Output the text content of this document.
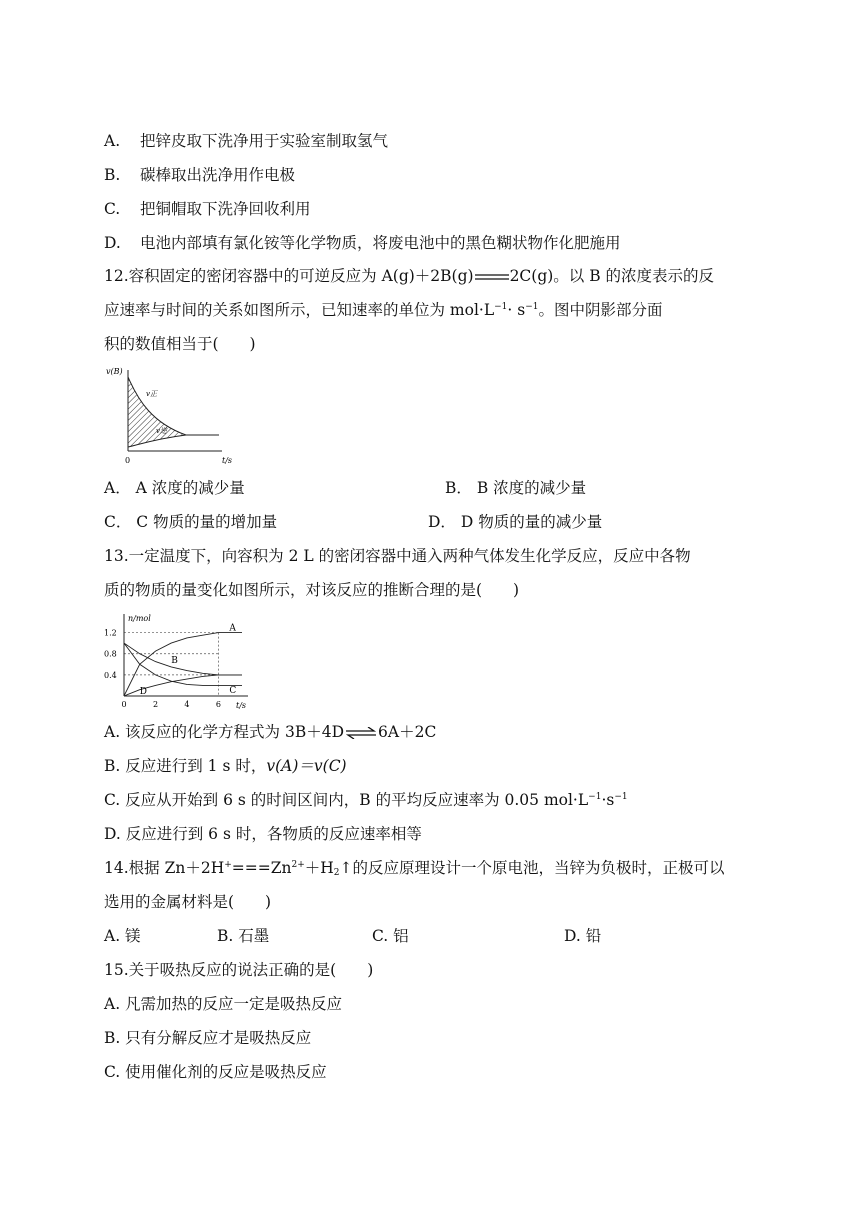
A. 把锌皮取下洗净用于实验室制取氢气
B. 碳棒取出洗净用作电极
C. 把铜帽取下洗净回收利用
D. 电池内部填有氯化铵等化学物质，将废电池中的黑色糊状物作化肥施用
12.容积固定的密闭容器中的可逆反应为 A(g)＋2B(g) 2C(g)。以 B 的浓度表示的反
应速率与时间的关系如图所示，已知速率的单位为 $mol\cdot L^{-1}\cdot s^{-1}$。图中阴影部分面
积的数值相当于(　　)
v(B)
t/s
0
v正
v逆
A． A 浓度的减少量	B． B 浓度的减少量
C． C 物质的量的增加量	D． D 物质的量的减少量
13.一定温度下，向容积为 2 L 的密闭容器中通入两种气体发生化学反应，反应中各物
质的物质的量变化如图所示，对该反应的推断合理的是(　　)
n/mol
t/s
0	2	4	6
0.4
0.8
1.2	A
B
C
D
A. 该反应的化学方程式为 3B＋4D⇌6A＋2C
B. 反应进行到 1 s 时，v(A)＝v(C)
C. 反应从开始到 6 s 的时间区间内，B 的平均反应速率为 0.05 $mol\cdot L^{-1}\cdot s^{-1}$
D. 反应进行到 6 s 时，各物质的反应速率相等
14.根据 $Zn+2H^+===Zn^{2+}+H_2↑$的反应原理设计一个原电池，当锌为负极时，正极可以
选用的金属材料是(　　)
A. 镁	B. 石墨	C. 铝	D. 铅
15.关于吸热反应的说法正确的是(　　)
A. 凡需加热的反应一定是吸热反应
B. 只有分解反应才是吸热反应
C. 使用催化剂的反应是吸热反应
